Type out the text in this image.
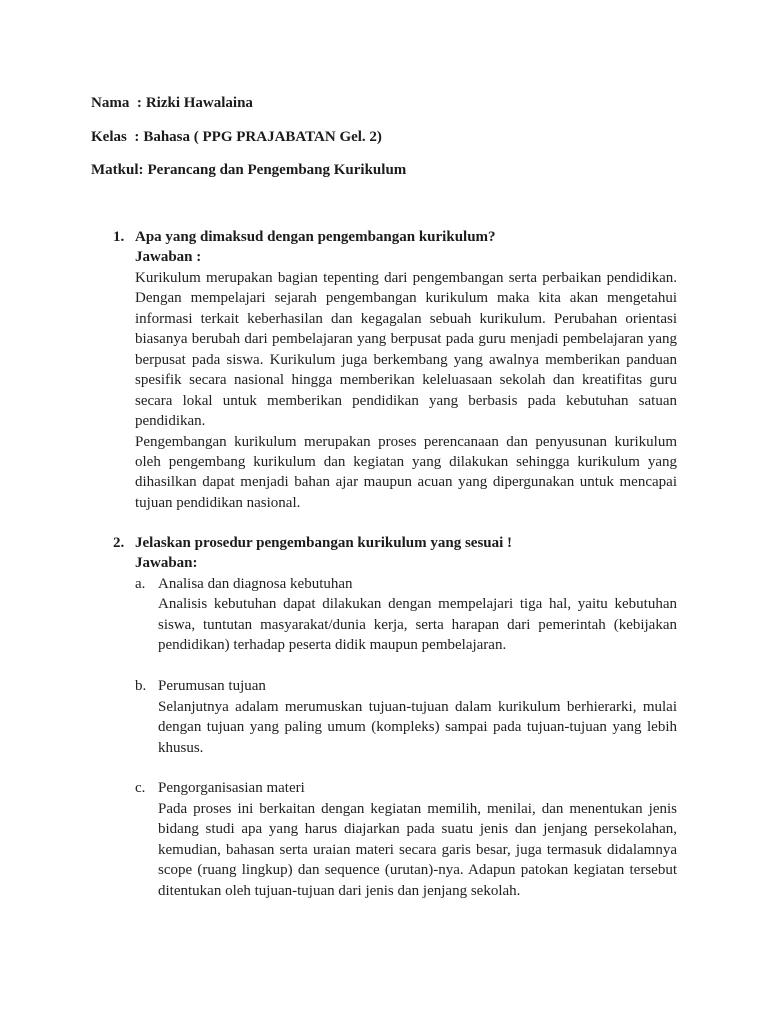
Nama  : Rizki Hawalaina
Kelas  : Bahasa ( PPG PRAJABATAN Gel. 2)
Matkul: Perancang dan Pengembang Kurikulum
1. Apa yang dimaksud dengan pengembangan kurikulum?
Jawaban :
Kurikulum merupakan bagian tepenting dari pengembangan serta perbaikan pendidikan.
Dengan mempelajari sejarah pengembangan kurikulum maka kita akan mengetahui
informasi terkait keberhasilan dan kegagalan sebuah kurikulum. Perubahan orientasi
biasanya berubah dari pembelajaran yang berpusat pada guru menjadi pembelajaran yang
berpusat pada siswa. Kurikulum juga berkembang yang awalnya memberikan panduan
spesifik secara nasional hingga memberikan keleluasaan sekolah dan kreatifitas guru
secara lokal untuk memberikan pendidikan yang berbasis pada kebutuhan satuan
pendidikan.
Pengembangan kurikulum merupakan proses perencanaan dan penyusunan kurikulum
oleh pengembang kurikulum dan kegiatan yang dilakukan sehingga kurikulum yang
dihasilkan dapat menjadi bahan ajar maupun acuan yang dipergunakan untuk mencapai
tujuan pendidikan nasional.
2. Jelaskan prosedur pengembangan kurikulum yang sesuai !
Jawaban:
a. Analisa dan diagnosa kebutuhan
Analisis kebutuhan dapat dilakukan dengan mempelajari tiga hal, yaitu kebutuhan
siswa, tuntutan masyarakat/dunia kerja, serta harapan dari pemerintah (kebijakan
pendidikan) terhadap peserta didik maupun pembelajaran.
b. Perumusan tujuan
Selanjutnya adalam merumuskan tujuan-tujuan dalam kurikulum berhierarki, mulai
dengan tujuan yang paling umum (kompleks) sampai pada tujuan-tujuan yang lebih
khusus.
c. Pengorganisasian materi
Pada proses ini berkaitan dengan kegiatan memilih, menilai, dan menentukan jenis
bidang studi apa yang harus diajarkan pada suatu jenis dan jenjang persekolahan,
kemudian, bahasan serta uraian materi secara garis besar, juga termasuk didalamnya
scope (ruang lingkup) dan sequence (urutan)-nya. Adapun patokan kegiatan tersebut
ditentukan oleh tujuan-tujuan dari jenis dan jenjang sekolah.
